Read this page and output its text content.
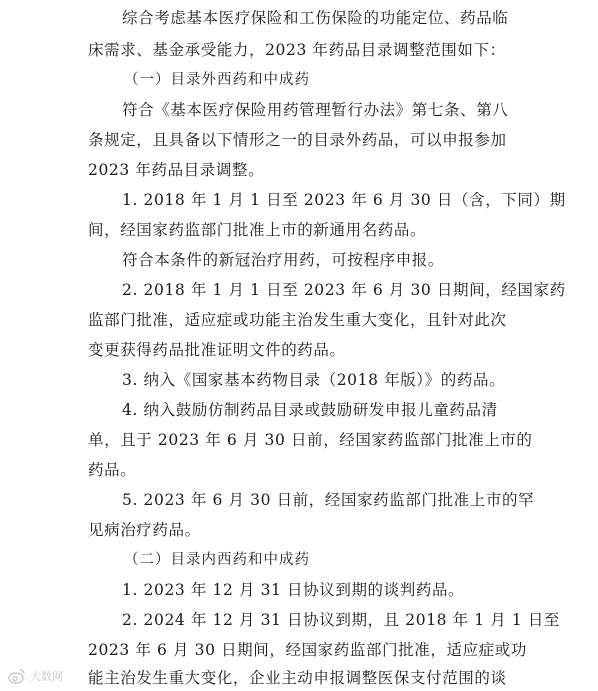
综合考虑基本医疗保险和工伤保险的功能定位、药品临
床需求、基金承受能力，2023 年药品目录调整范围如下：
（一）目录外西药和中成药
符合《基本医疗保险用药管理暂行办法》第七条、第八
条规定，且具备以下情形之一的目录外药品，可以申报参加
2023 年药品目录调整。
1. 2018 年 1 月 1 日至 2023 年 6 月 30 日（含，下同）期
间，经国家药监部门批准上市的新通用名药品。
符合本条件的新冠治疗用药，可按程序申报。
2. 2018 年 1 月 1 日至 2023 年 6 月 30 日期间，经国家药
监部门批准，适应症或功能主治发生重大变化，且针对此次
变更获得药品批准证明文件的药品。
3. 纳入《国家基本药物目录（2018 年版）》的药品。
4. 纳入鼓励仿制药品目录或鼓励研发申报儿童药品清
单，且于 2023 年 6 月 30 日前，经国家药监部门批准上市的
药品。
5. 2023 年 6 月 30 日前，经国家药监部门批准上市的罕
见病治疗药品。
（二）目录内西药和中成药
1. 2023 年 12 月 31 日协议到期的谈判药品。
2. 2024 年 12 月 31 日协议到期，且 2018 年 1 月 1 日至
2023 年 6 月 30 日期间，经国家药监部门批准，适应症或功
能主治发生重大变化，企业主动申报调整医保支付范围的谈
大数网
